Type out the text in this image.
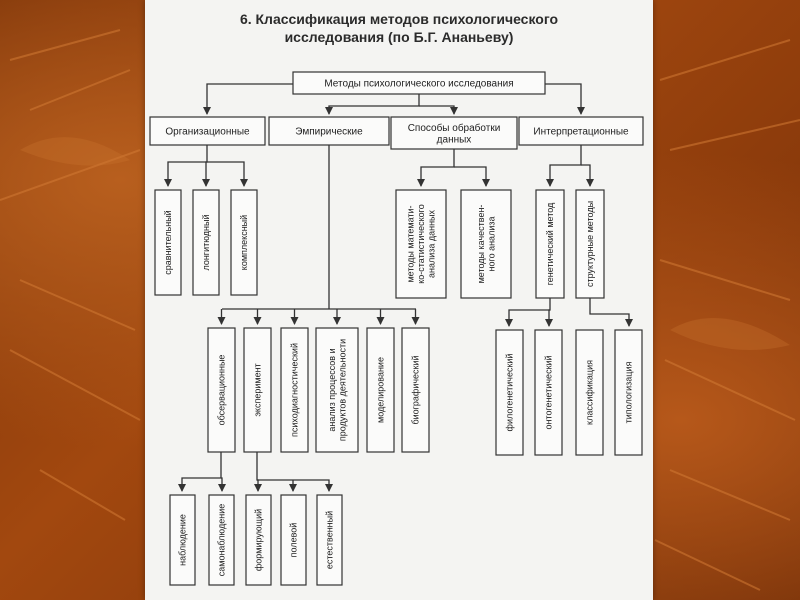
6. Классификация методов психологического
исследования (по Б.Г. Ананьеву)
Методы психологического исследования
Организационные	Эмпирические	Способы обработки
данных
Интерпретационные
сравнительный	лонгитюдный	комплексный	методы математи- ко-статистического анализа данных	методы качествен- ного анализа	генетический метод	структурные методы
обсервационные	эксперимент	психодиагностический	анализ процессов и продуктов деятельности	моделирование	биографический	филогенетический	онтогенетический	классификация	типологизация
наблюдение	самонаблюдение	формирующий	полевой	естественный
